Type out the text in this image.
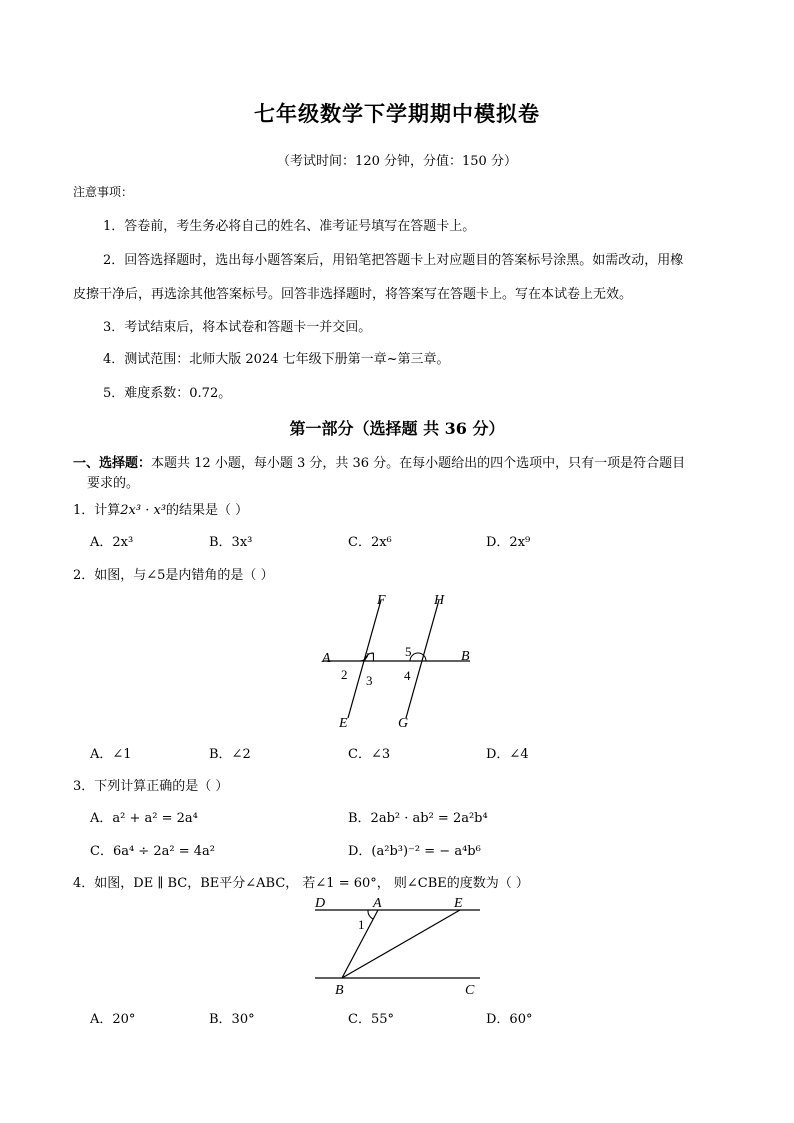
七年级数学下学期期中模拟卷
（考试时间：120 分钟，分值：150 分）
注意事项：
1．答卷前，考生务必将自己的姓名、准考证号填写在答题卡上。
2．回答选择题时，选出每小题答案后，用铅笔把答题卡上对应题目的答案标号涂黑。如需改动，用橡
皮擦干净后，再选涂其他答案标号。回答非选择题时，将答案写在答题卡上。写在本试卷上无效。
3．考试结束后，将本试卷和答题卡一并交回。
4．测试范围：北师大版 2024 七年级下册第一章~第三章。
5．难度系数：0.72。
第一部分（选择题 共 36 分）
一、选择题：本题共 12 小题，每小题 3 分，共 36 分。在每小题给出的四个选项中，只有一项是符合题目
要求的。
1．计算2x³ · x³的结果是（ ）
A．2x³	B．3x³	C．2x⁶	D．2x⁹
2．如图，与∠5是内错角的是（ ）
F	H
A	1 5	B
2 3 4
E	G
A．∠1	B．∠2	C．∠3	D．∠4
3．下列计算正确的是（ ）
A．a² + a² = 2a⁴	B．2ab² · ab² = 2a²b⁴
C．6a⁴ ÷ 2a² = 4a²	D．(a²b³)⁻² = − a⁴b⁶
4．如图，DE ∥ BC，BE平分∠ABC， 若∠1 = 60°， 则∠CBE的度数为（ ）
D	A	E
1
B	C
A．20°	B．30°	C．55°	D．60°
